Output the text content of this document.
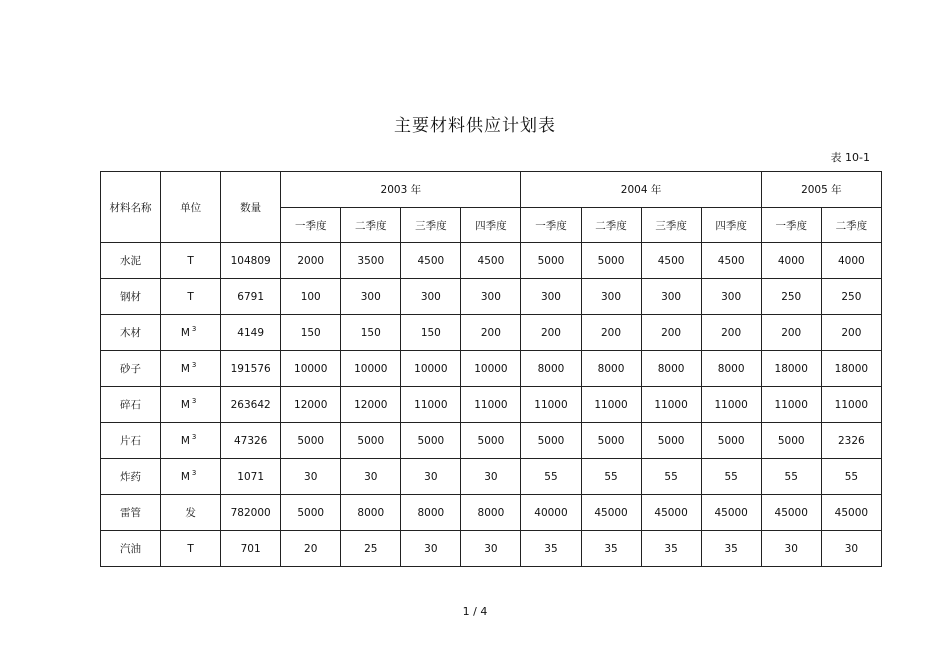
主要材料供应计划表
表 10-1
材料名称	单位	数量	2003 年				2004 年				2005 年	
			一季度	二季度	三季度	四季度	一季度	二季度	三季度	四季度	一季度	二季度
水泥	T	104809	2000	3500	4500	4500	5000	5000	4500	4500	4000	4000
钢材	T	6791	100	300	300	300	300	300	300	300	250	250
木材	M $^3$	4149	150	150	150	200	200	200	200	200	200	200
砂子	M $^3$	191576	10000	10000	10000	10000	8000	8000	8000	8000	18000	18000
碎石	M $^3$	263642	12000	12000	11000	11000	11000	11000	11000	11000	11000	11000
片石	M $^3$	47326	5000	5000	5000	5000	5000	5000	5000	5000	5000	2326
炸药	M $^3$	1071	30	30	30	30	55	55	55	55	55	55
雷管	发	782000	5000	8000	8000	8000	40000	45000	45000	45000	45000	45000
汽油	T	701	20	25	30	30	35	35	35	35	30	30
1 / 4
